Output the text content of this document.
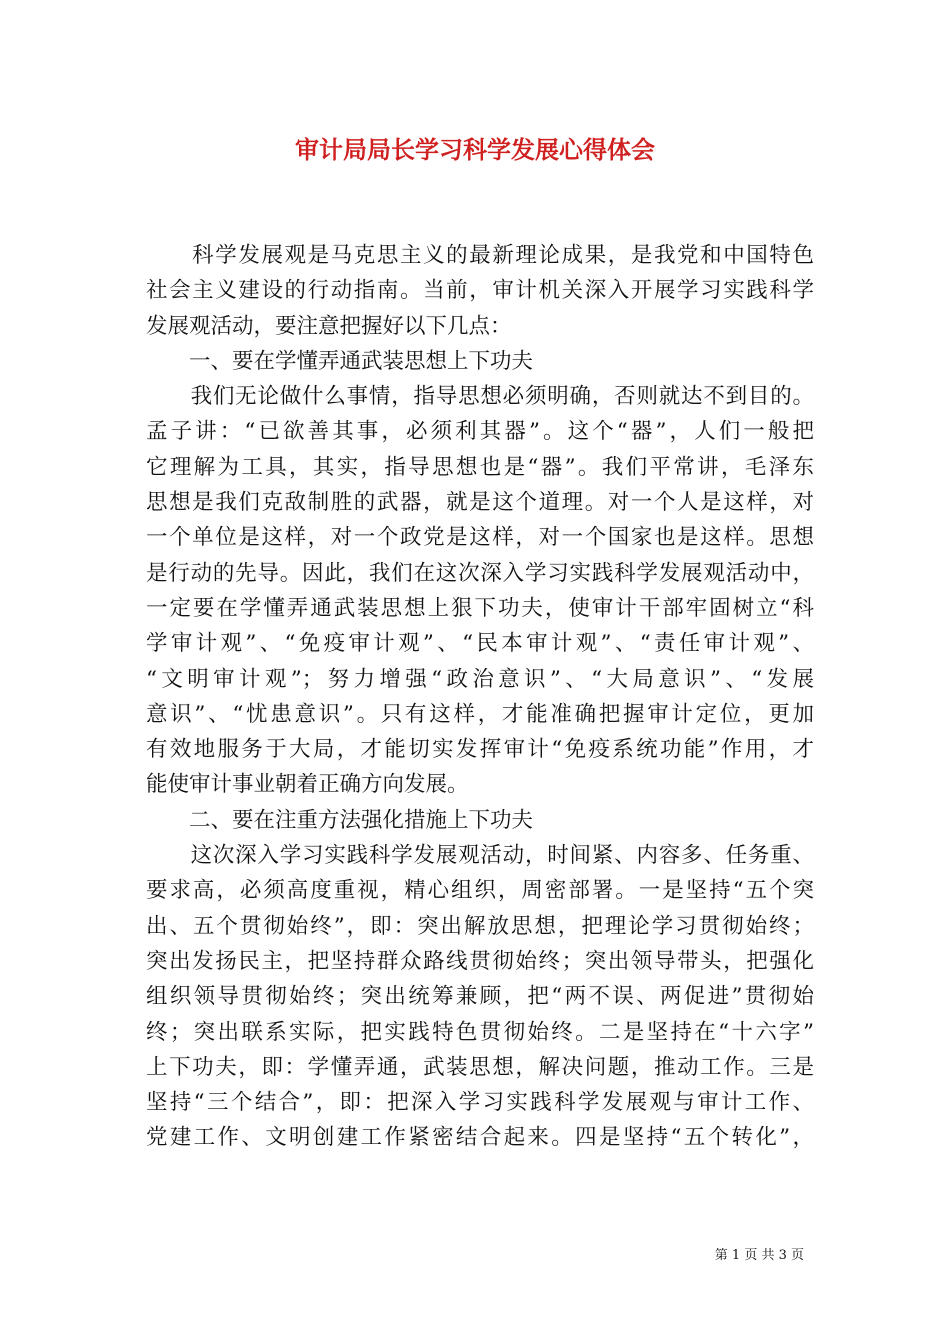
审计局局长学习科学发展心得体会
　　科学发展观是马克思主义的最新理论成果，是我党和中国特色
社会主义建设的行动指南。当前，审计机关深入开展学习实践科学
发展观活动，要注意把握好以下几点：
　　一、要在学懂弄通武装思想上下功夫
　　我们无论做什么事情，指导思想必须明确，否则就达不到目的。
孟子讲：“已欲善其事，必须利其器”。这个“器”，人们一般把
它理解为工具，其实，指导思想也是“器”。我们平常讲，毛泽东
思想是我们克敌制胜的武器，就是这个道理。对一个人是这样，对
一个单位是这样，对一个政党是这样，对一个国家也是这样。思想
是行动的先导。因此，我们在这次深入学习实践科学发展观活动中，
一定要在学懂弄通武装思想上狠下功夫，使审计干部牢固树立“科
学审计观”、“免疫审计观”、“民本审计观”、“责任审计观”、
“文明审计观”；努力增强“政治意识”、“大局意识”、“发展
意识”、“忧患意识”。只有这样，才能准确把握审计定位，更加
有效地服务于大局，才能切实发挥审计“免疫系统功能”作用，才
能使审计事业朝着正确方向发展。
　　二、要在注重方法强化措施上下功夫
　　这次深入学习实践科学发展观活动，时间紧、内容多、任务重、
要求高，必须高度重视，精心组织，周密部署。一是坚持“五个突
出、五个贯彻始终”，即：突出解放思想，把理论学习贯彻始终；
突出发扬民主，把坚持群众路线贯彻始终；突出领导带头，把强化
组织领导贯彻始终；突出统筹兼顾，把“两不误、两促进”贯彻始
终；突出联系实际，把实践特色贯彻始终。二是坚持在“十六字”
上下功夫，即：学懂弄通，武装思想，解决问题，推动工作。三是
坚持“三个结合”，即：把深入学习实践科学发展观与审计工作、
党建工作、文明创建工作紧密结合起来。四是坚持“五个转化”，
第 1 页 共 3 页
